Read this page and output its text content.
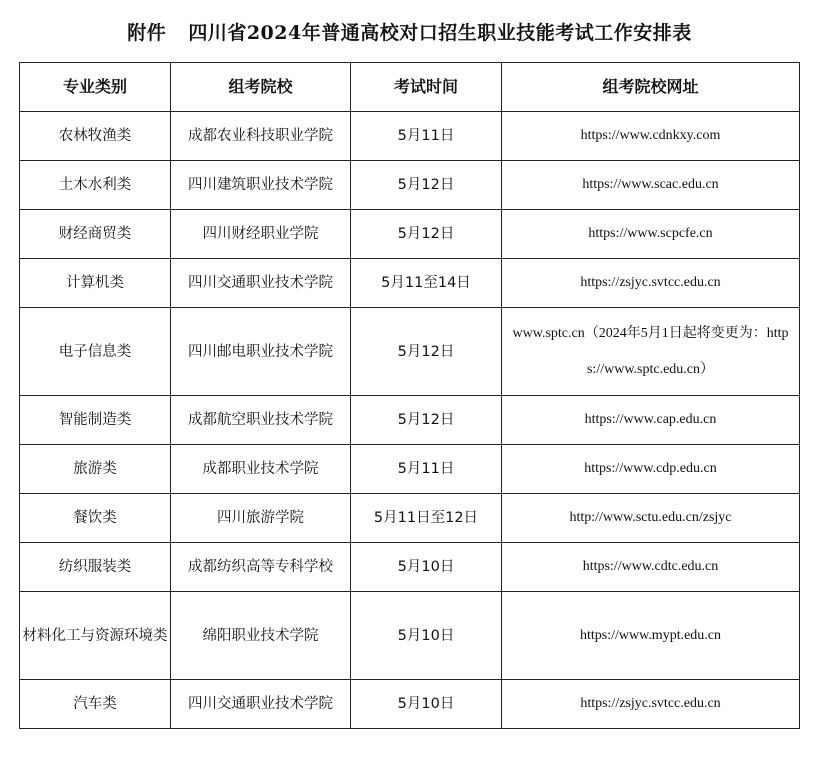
附件 四川省2024年普通高校对口招生职业技能考试工作安排表
专业类别	组考院校	考试时间	组考院校网址
农林牧渔类	成都农业科技职业学院	5月11日	https://www.cdnkxy.com
土木水利类	四川建筑职业技术学院	5月12日	https://www.scac.edu.cn
财经商贸类	四川财经职业学院	5月12日	https://www.scpcfe.cn
计算机类	四川交通职业技术学院	5月11至14日	https://zsjyc.svtcc.edu.cn
电子信息类	四川邮电职业技术学院	5月12日	www.sptc.cn（2024年5月1日起将变更为：https://www.sptc.edu.cn）
智能制造类	成都航空职业技术学院	5月12日	https://www.cap.edu.cn
旅游类	成都职业技术学院	5月11日	https://www.cdp.edu.cn
餐饮类	四川旅游学院	5月11日至12日	http://www.sctu.edu.cn/zsjyc
纺织服装类	成都纺织高等专科学校	5月10日	https://www.cdtc.edu.cn
材料化工与资源环境类	绵阳职业技术学院	5月10日	https://www.mypt.edu.cn
汽车类	四川交通职业技术学院	5月10日	https://zsjyc.svtcc.edu.cn
